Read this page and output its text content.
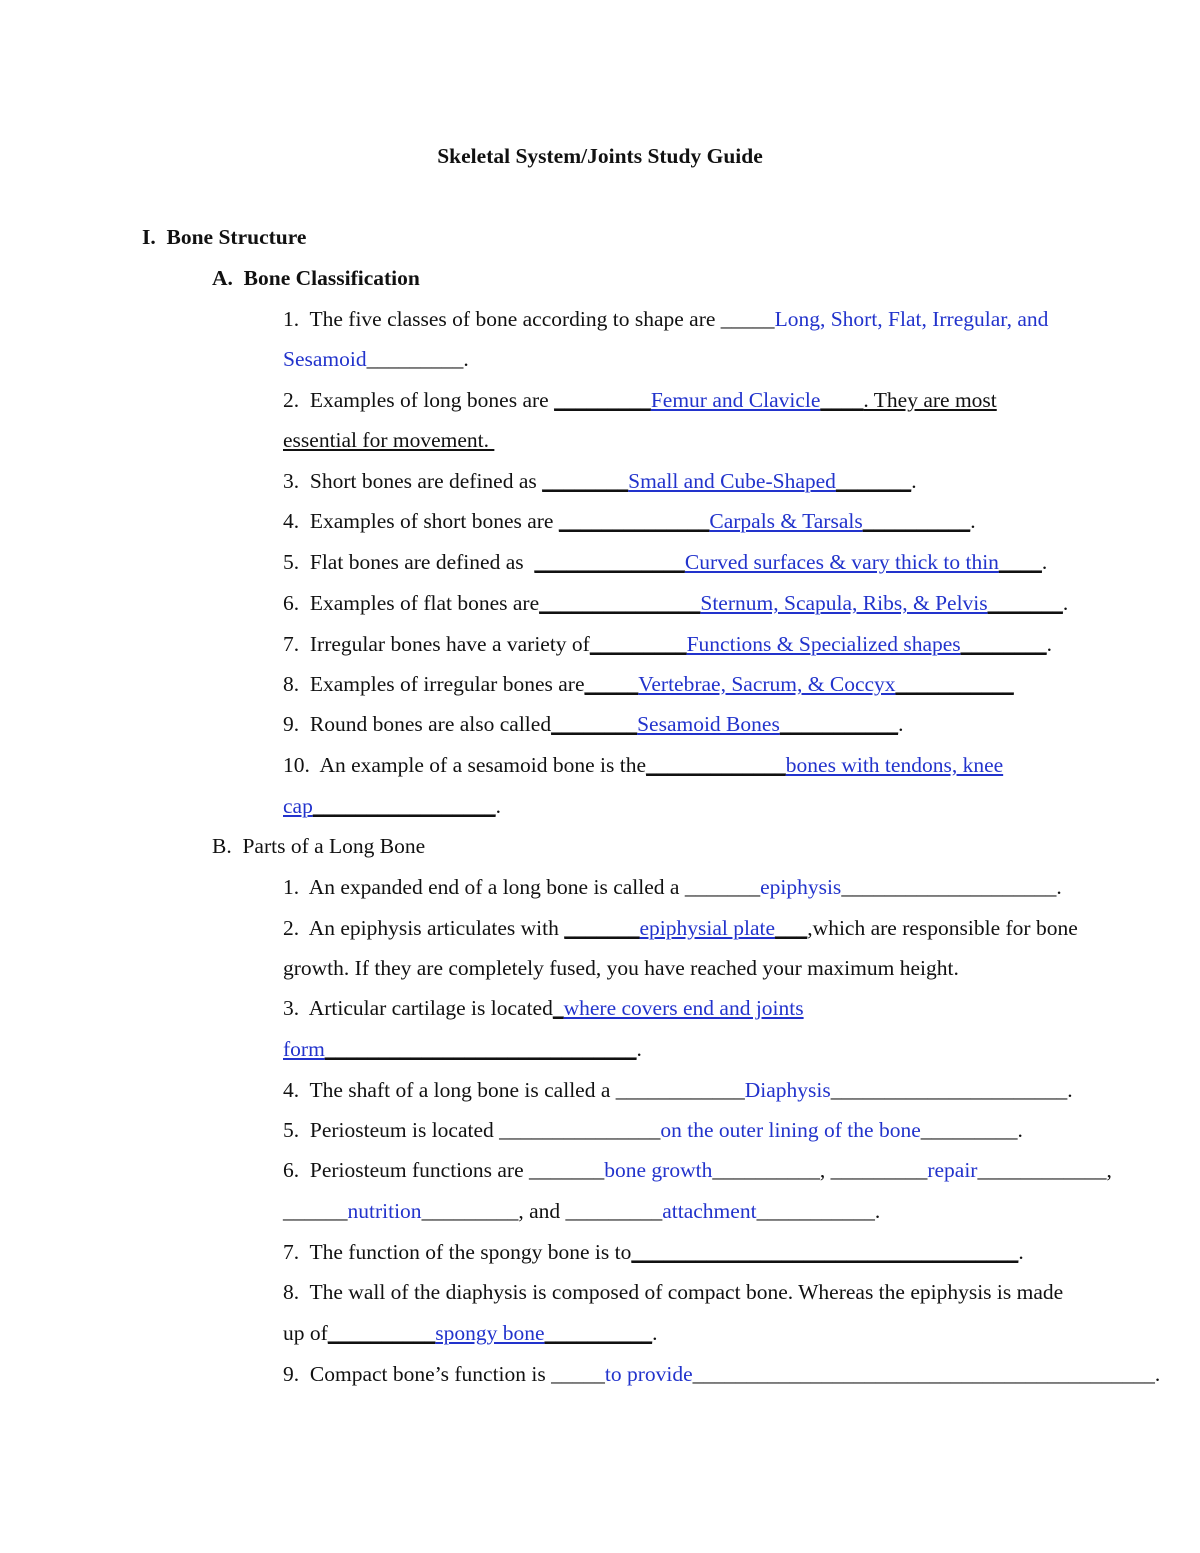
Skeletal System/Joints Study Guide
I.  Bone Structure
A.  Bone Classification
1.  The five classes of bone according to shape are _____Long, Short, Flat, Irregular, and
Sesamoid_________.
2.  Examples of long bones are _________Femur and Clavicle____. They are most
essential for movement.
3.  Short bones are defined as ________Small and Cube-Shaped_______.
4.  Examples of short bones are ______________Carpals & Tarsals__________.
5.  Flat bones are defined as  ______________Curved surfaces & vary thick to thin____.
6.  Examples of flat bones are_______________Sternum, Scapula, Ribs, & Pelvis_______.
7.  Irregular bones have a variety of_________Functions & Specialized shapes________.
8.  Examples of irregular bones are_____Vertebrae, Sacrum, & Coccyx___________
9.  Round bones are also called________Sesamoid Bones___________.
10.  An example of a sesamoid bone is the_____________bones with tendons, knee
cap_________________.
B.  Parts of a Long Bone
1.  An expanded end of a long bone is called a _______epiphysis____________________.
2.  An epiphysis articulates with _______epiphysial plate___,which are responsible for bone
growth. If they are completely fused, you have reached your maximum height.
3.  Articular cartilage is located_where covers end and joints
form_____________________________.
4.  The shaft of a long bone is called a ____________Diaphysis______________________.
5.  Periosteum is located _______________on the outer lining of the bone_________.
6.  Periosteum functions are _______bone growth__________, _________repair____________,
______nutrition_________, and _________attachment___________.
7.  The function of the spongy bone is to____________________________________.
8.  The wall of the diaphysis is composed of compact bone. Whereas the epiphysis is made
up of__________spongy bone__________.
9.  Compact bone’s function is _____to provide___________________________________________.
